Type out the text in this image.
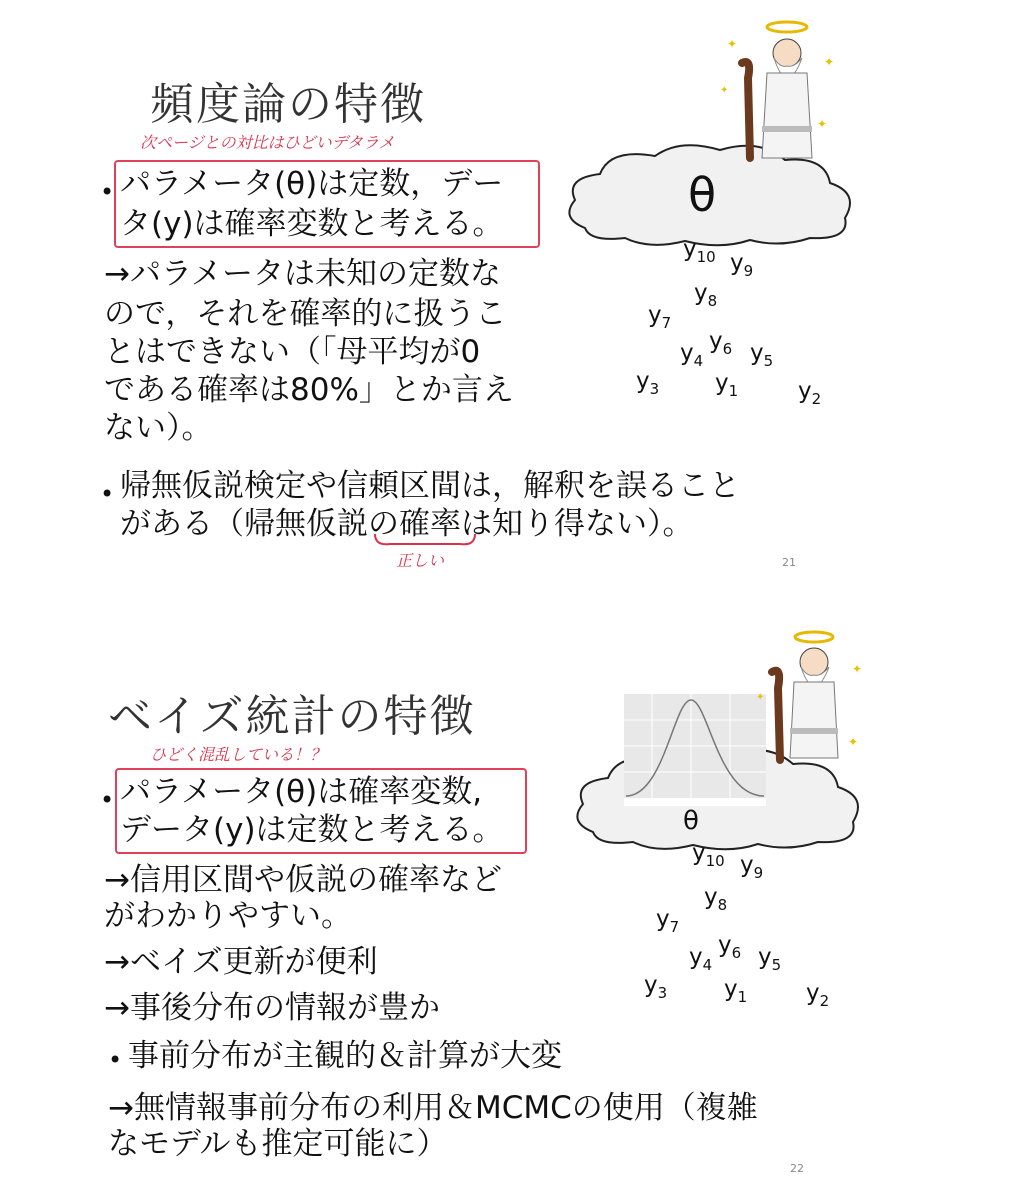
頻度論の特徴
次ページとの対比はひどいデタラメ
• パラメータ(θ)は定数，デー
タ(y)は確率変数と考える。
→パラメータは未知の定数な
ので，それを確率的に扱うこ
とはできない（「母平均が0
である確率は80%」とか言え
ない）。
• 帰無仮説検定や信頼区間は，解釈を誤ること
がある（帰無仮説の確率は知り得ない）。
正しい	21
θ
✦
✦
✦
✦
$y_{10}$ $y_9$
$y_8$
$y_7$
$y_6$
$y_4$ $y_5$
$y_3$ $y_1$	$y_2$
ベイズ統計の特徴
ひどく混乱している！？
• パラメータ(θ)は確率変数,
データ(y)は定数と考える。
→信用区間や仮説の確率など
がわかりやすい。
→ベイズ更新が便利
→事後分布の情報が豊か
• 事前分布が主観的＆計算が大変
→無情報事前分布の利用＆MCMCの使用（複雑
なモデルも推定可能に）
22
θ
✦
✦
✦
$y_{10}$ $y_9$
$y_8$
$y_7$
$y_6$
$y_4$ $y_5$
$y_3$ $y_1$	$y_2$
